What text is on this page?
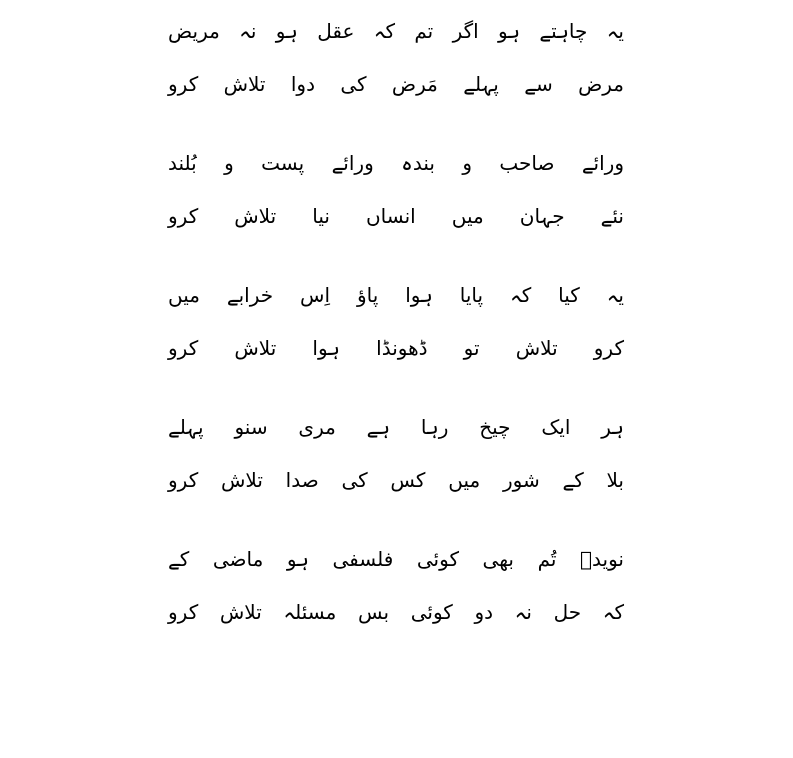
یہ چاہتے ہو اگر تم کہ عقل ہو نہ مریض
مرض سے پہلے مَرض کی دوا تلاش کرو
ورائے صاحب و بندہ ورائے پست و بُلند
نئے جہان میں انساں نیا تلاش کرو
یہ کیا کہ پایا ہوا پاؤ اِس خرابے میں
کرو تلاش تو ڈھونڈا ہوا تلاش کرو
ہر ایک چیخ رہا ہے مری سنو پہلے
بلا کے شور میں کس کی صدا تلاش کرو
نویدؔ تُم بھی کوئی فلسفی ہو ماضی کے
کہ حل نہ دو کوئی بس مسئلہ تلاش کرو
